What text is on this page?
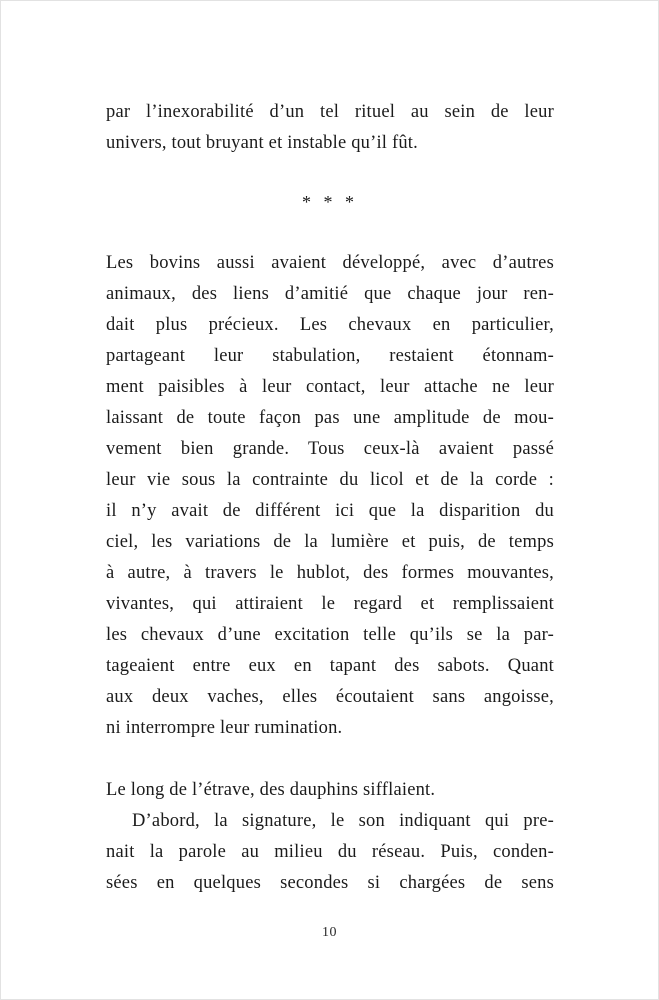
par l’inexorabilité d’un tel rituel au sein de leur
univers, tout bruyant et instable qu’il fût.
* * *
Les bovins aussi avaient développé, avec d’autres
animaux, des liens d’amitié que chaque jour ren-
dait plus précieux. Les chevaux en particulier,
partageant leur stabulation, restaient étonnam-
ment paisibles à leur contact, leur attache ne leur
laissant de toute façon pas une amplitude de mou-
vement bien grande. Tous ceux-là avaient passé
leur vie sous la contrainte du licol et de la corde :
il n’y avait de différent ici que la disparition du
ciel, les variations de la lumière et puis, de temps
à autre, à travers le hublot, des formes mouvantes,
vivantes, qui attiraient le regard et remplissaient
les chevaux d’une excitation telle qu’ils se la par-
tageaient entre eux en tapant des sabots. Quant
aux deux vaches, elles écoutaient sans angoisse,
ni interrompre leur rumination.
Le long de l’étrave, des dauphins sifflaient.
D’abord, la signature, le son indiquant qui pre-
nait la parole au milieu du réseau. Puis, conden-
sées en quelques secondes si chargées de sens
10
